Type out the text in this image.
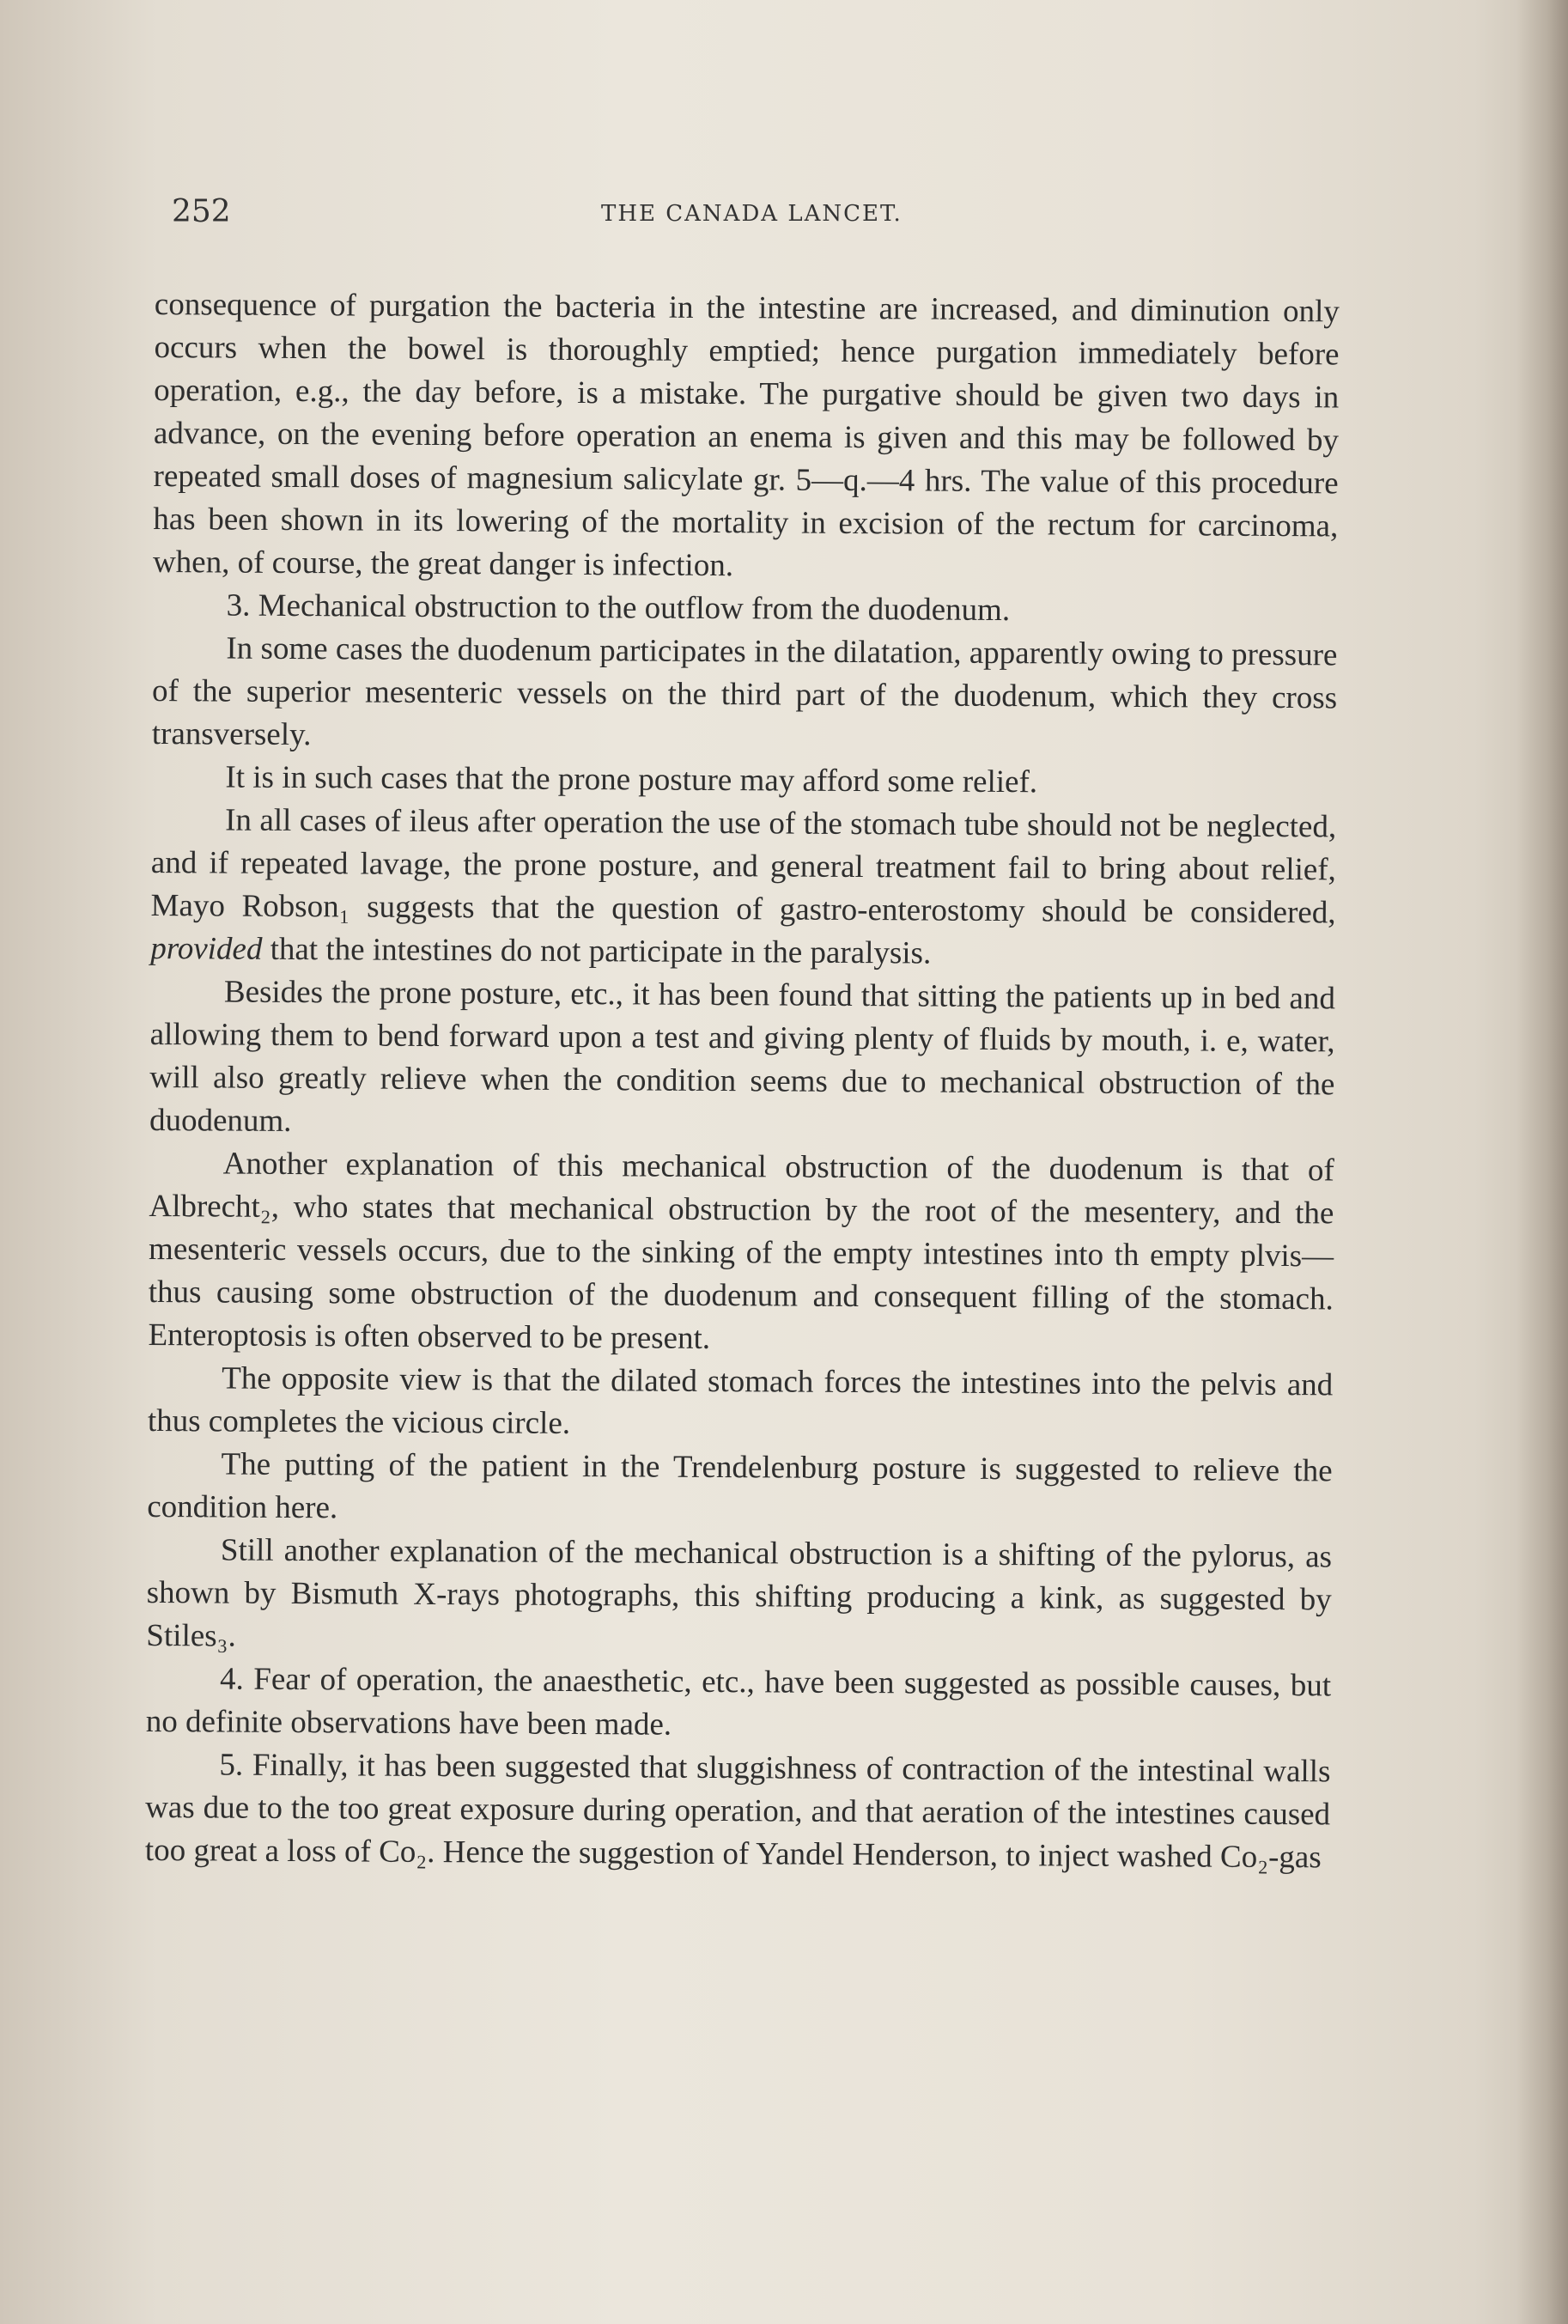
252	THE CANADA LANCET.

consequence of purgation the bacteria in the intestine are increased, and diminution only occurs when the bowel is thoroughly emptied; hence purgation immediately before operation, e.g., the day before, is a mistake. The purgative should be given two days in advance, on the evening before operation an enema is given and this may be followed by repeated small doses of magnesium salicylate gr. 5—q.—4 hrs. The value of this procedure has been shown in its lowering of the mortality in excision of the rectum for carcinoma, when, of course, the great danger is infection.

3. Mechanical obstruction to the outflow from the duodenum.

In some cases the duodenum participates in the dilatation, apparently owing to pressure of the superior mesenteric vessels on the third part of the duodenum, which they cross transversely.

It is in such cases that the prone posture may afford some relief.

In all cases of ileus after operation the use of the stomach tube should not be neglected, and if repeated lavage, the prone posture, and general treatment fail to bring about relief, Mayo Robson₁ suggests that the question of gastro-enterostomy should be considered, provided that the intestines do not participate in the paralysis.

Besides the prone posture, etc., it has been found that sitting the patients up in bed and allowing them to bend forward upon a test and giving plenty of fluids by mouth, i. e, water, will also greatly relieve when the condition seems due to mechanical obstruction of the duodenum.

Another explanation of this mechanical obstruction of the duodenum is that of Albrecht₂, who states that mechanical obstruction by the root of the mesentery, and the mesenteric vessels occurs, due to the sinking of the empty intestines into th empty plvis—thus causing some obstruction of the duodenum and consequent filling of the stomach. Enteroptosis is often observed to be present.

The opposite view is that the dilated stomach forces the intestines into the pelvis and thus completes the vicious circle.

The putting of the patient in the Trendelenburg posture is suggested to relieve the condition here.

Still another explanation of the mechanical obstruction is a shifting of the pylorus, as shown by Bismuth X-rays photographs, this shifting producing a kink, as suggested by Stiles₃.

4. Fear of operation, the anaesthetic, etc., have been suggested as possible causes, but no definite observations have been made.

5. Finally, it has been suggested that sluggishness of contraction of the intestinal walls was due to the too great exposure during operation, and that aeration of the intestines caused too great a loss of Co₂. Hence the suggestion of Yandel Henderson, to inject washed Co₂-gas
